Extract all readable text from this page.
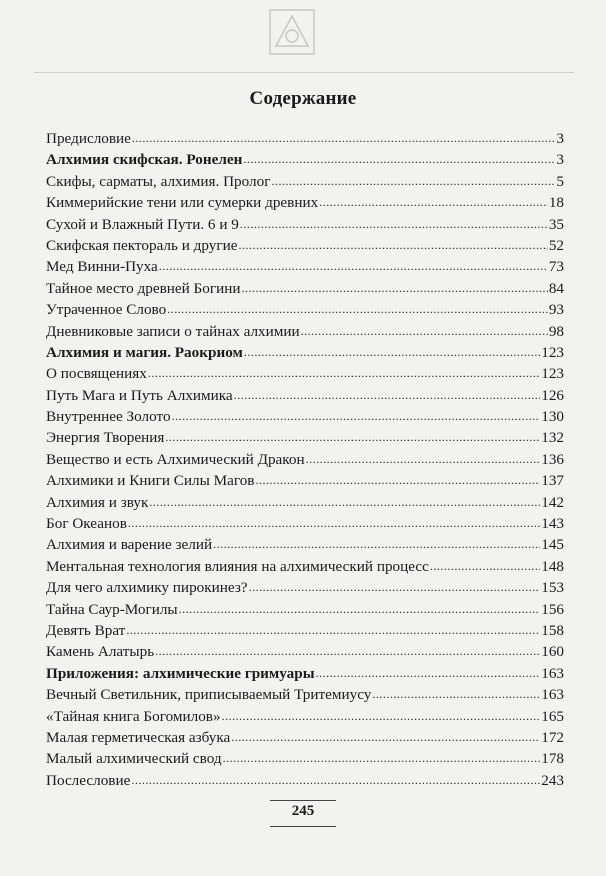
Содержание
Предисловие .....	3
Алхимия скифская. Ронелен .....	3
Скифы, сарматы, алхимия. Пролог .....	5
Киммерийские тени или сумерки древних .....	18
Сухой и Влажный Пути. 6 и 9 .....	35
Скифская пектораль и другие .....	52
Мед Винни-Пуха .....	73
Тайное место древней Богини .....	84
Утраченное Слово .....	93
Дневниковые записи о тайнах алхимии .....	98
Алхимия и магия. Раокриом .....	123
О посвящениях .....	123
Путь Мага и Путь Алхимика .....	126
Внутреннее Золото .....	130
Энергия Творения .....	132
Вещество и есть Алхимический Дракон .....	136
Алхимики и Книги Силы Магов .....	137
Алхимия и звук .....	142
Бог Океанов .....	143
Алхимия и варение зелий .....	145
Ментальная технология влияния на алхимический процесс .....	148
Для чего алхимику пирокинез? .....	153
Тайна Саур-Могилы .....	156
Девять Врат .....	158
Камень Алатырь .....	160
Приложения: алхимические гримуары .....	163
Вечный Светильник, приписываемый Тритемиусу .....	163
«Тайная книга Богомилов» .....	165
Малая герметическая азбука .....	172
Малый алхимический свод .....	178
Послесловие .....	243
245
